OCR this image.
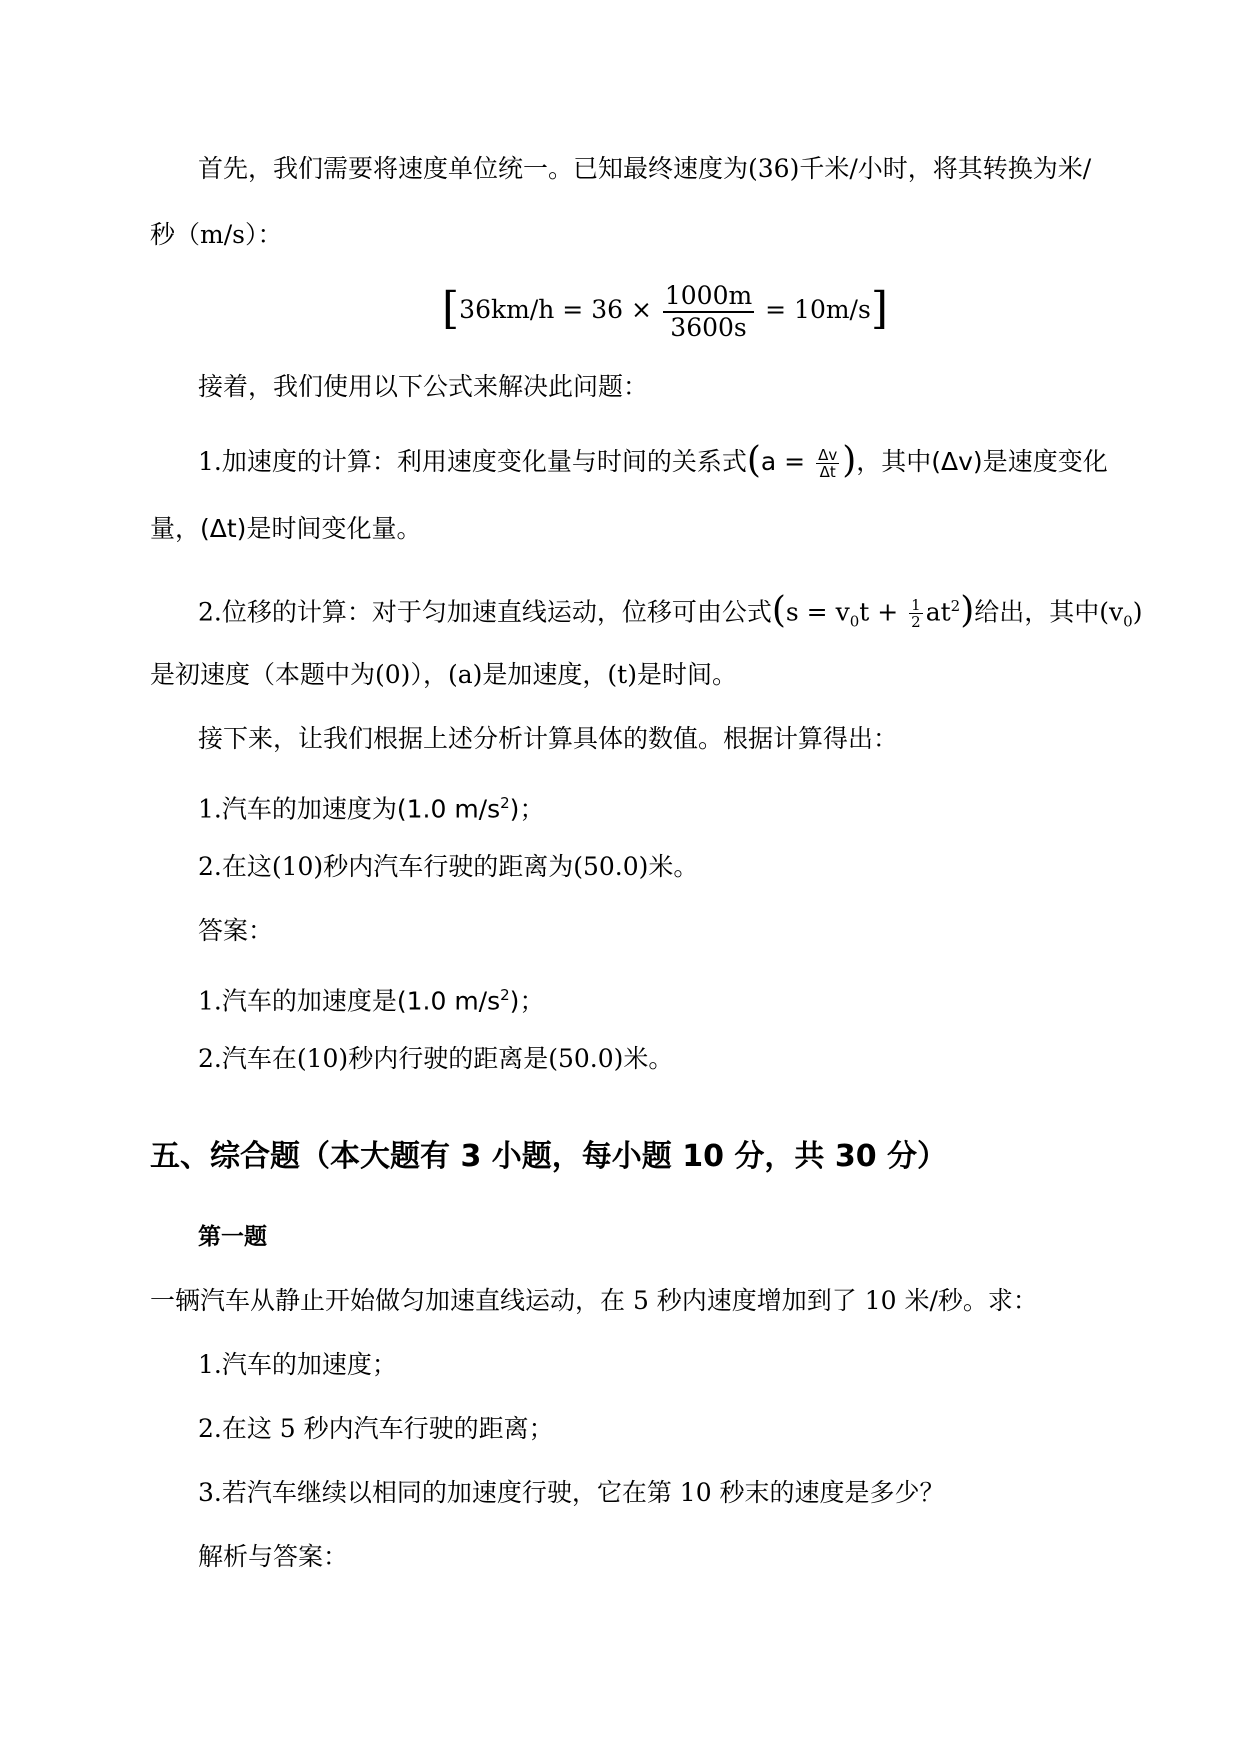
首先，我们需要将速度单位统一。已知最终速度为(36)千米/小时，将其转换为米/
秒（m/s）：
$[36km/h = 36 \times \frac{1000m}{3600s} = 10m/s]$
接着，我们使用以下公式来解决此问题：
1.加速度的计算：利用速度变化量与时间的关系式($a = \frac{\Delta v}{\Delta t}$ )，其中(Δv)是速度变化
量，(Δt)是时间变化量。
2.位移的计算：对于匀加速直线运动，位移可由公式$(s = v_0t + \frac{1}{2} at^2)$给出，其中$(v_0)$
是初速度（本题中为(0)），(a)是加速度，(t)是时间。
接下来，让我们根据上述分析计算具体的数值。根据计算得出：
1.汽车的加速度为(1.0 $m/s^2$)；
2.在这(10)秒内汽车行驶的距离为(50.0)米。
答案：
1.汽车的加速度是(1.0 $m/s^2$)；
2.汽车在(10)秒内行驶的距离是(50.0)米。
五、综合题（本大题有 3 小题，每小题 10 分，共 30 分）
第一题
一辆汽车从静止开始做匀加速直线运动，在 5 秒内速度增加到了 10 米/秒。求：
1.汽车的加速度；
2.在这 5 秒内汽车行驶的距离；
3.若汽车继续以相同的加速度行驶，它在第 10 秒末的速度是多少？
解析与答案：
